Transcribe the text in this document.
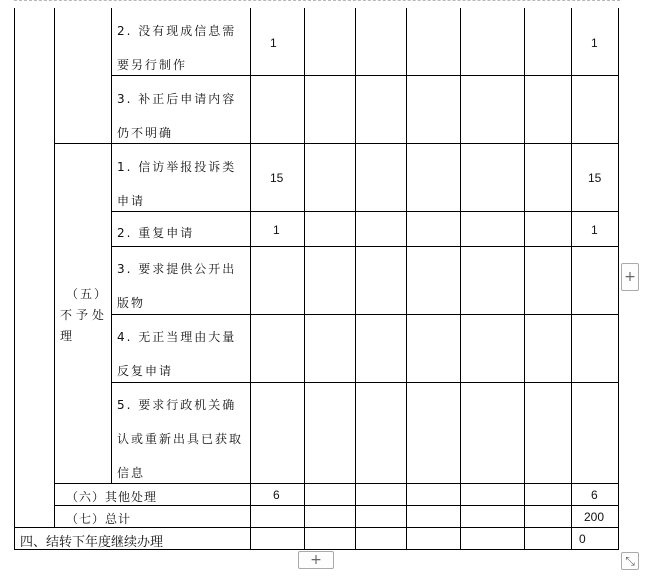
2. 没有现成信息需要另行制作
3. 补正后申请内容仍不明确
1. 信访举报投诉类申请
2. 重复申请
3. 要求提供公开出版物
4. 无正当理由大量反复申请
5. 要求行政机关确认或重新出具已获取信息
（五）
不予处
理
1
15
1
6
1
15
1
6
200
0
（六）其他处理
（七）总计
四、结转下年度继续办理
+
+	⤡
